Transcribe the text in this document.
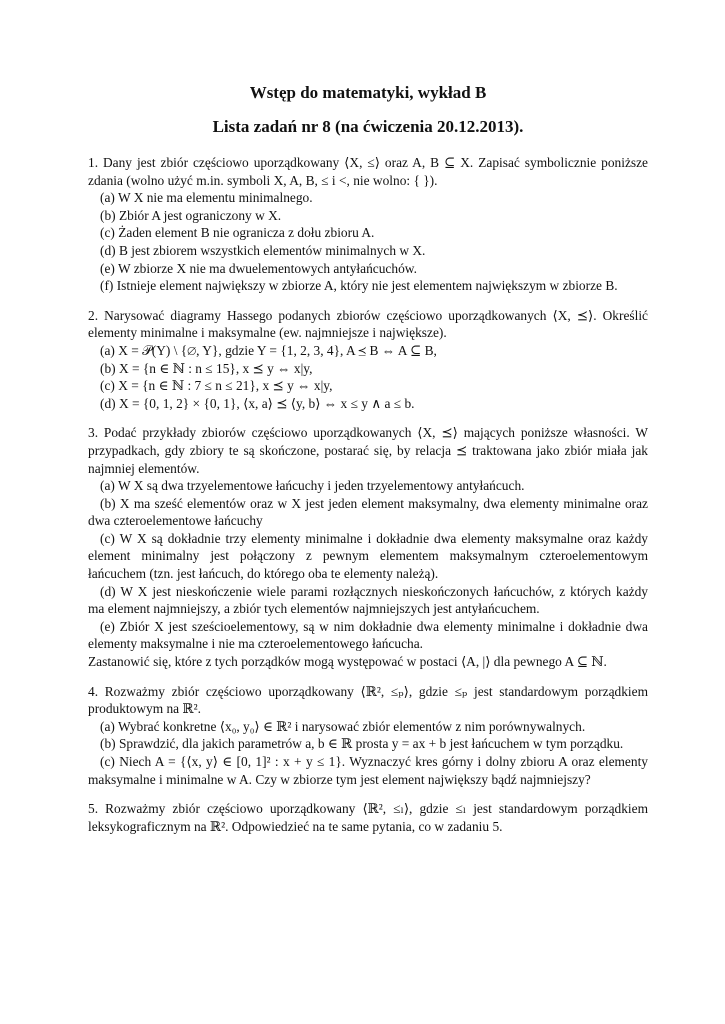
Wstęp do matematyki, wykład B
Lista zadań nr 8 (na ćwiczenia 20.12.2013).
1. Dany jest zbiór częściowo uporządkowany ⟨X, ≤⟩ oraz A, B ⊆ X. Zapisać symbolicznie poniższe zdania (wolno użyć m.in. symboli X, A, B, ≤ i <, nie wolno: { }).
(a) W X nie ma elementu minimalnego.
(b) Zbiór A jest ograniczony w X.
(c) Żaden element B nie ogranicza z dołu zbioru A.
(d) B jest zbiorem wszystkich elementów minimalnych w X.
(e) W zbiorze X nie ma dwuelementowych antyłańcuchów.
(f) Istnieje element największy w zbiorze A, który nie jest elementem największym w zbiorze B.
2. Narysować diagramy Hassego podanych zbiorów częściowo uporządkowanych ⟨X, ⪯⟩. Określić elementy minimalne i maksymalne (ew. najmniejsze i największe).
(a) X = 𝒫(Y) \ {∅, Y}, gdzie Y = {1, 2, 3, 4}, A ⪯ B ⇔ A ⊆ B,
(b) X = {n ∈ ℕ : n ≤ 15}, x ⪯ y ⇔ x|y,
(c) X = {n ∈ ℕ : 7 ≤ n ≤ 21}, x ⪯ y ⇔ x|y,
(d) X = {0, 1, 2} × {0, 1}, ⟨x, a⟩ ⪯ ⟨y, b⟩ ⇔ x ≤ y ∧ a ≤ b.
3. Podać przykłady zbiorów częściowo uporządkowanych ⟨X, ⪯⟩ mających poniższe własności. W przypadkach, gdy zbiory te są skończone, postarać się, by relacja ⪯ traktowana jako zbiór miała jak najmniej elementów.
(a) W X są dwa trzyelementowe łańcuchy i jeden trzyelementowy antyłańcuch.
(b) X ma sześć elementów oraz w X jest jeden element maksymalny, dwa elementy minimalne oraz dwa czteroelementowe łańcuchy
(c) W X są dokładnie trzy elementy minimalne i dokładnie dwa elementy maksymalne oraz każdy element minimalny jest połączony z pewnym elementem maksymalnym czteroelementowym łańcuchem (tzn. jest łańcuch, do którego oba te elementy należą).
(d) W X jest nieskończenie wiele parami rozłącznych nieskończonych łańcuchów, z których każdy ma element najmniejszy, a zbiór tych elementów najmniejszych jest antyłańcuchem.
(e) Zbiór X jest sześcioelementowy, są w nim dokładnie dwa elementy minimalne i dokładnie dwa elementy maksymalne i nie ma czteroelementowego łańcucha.
Zastanowić się, które z tych porządków mogą występować w postaci ⟨A, |⟩ dla pewnego A ⊆ ℕ.
4. Rozważmy zbiór częściowo uporządkowany ⟨ℝ², ≤ₚ⟩, gdzie ≤ₚ jest standardowym porządkiem produktowym na ℝ².
(a) Wybrać konkretne ⟨x₀, y₀⟩ ∈ ℝ² i narysować zbiór elementów z nim porównywalnych.
(b) Sprawdzić, dla jakich parametrów a, b ∈ ℝ prosta y = ax + b jest łańcuchem w tym porządku.
(c) Niech A = {⟨x, y⟩ ∈ [0, 1]² : x + y ≤ 1}. Wyznaczyć kres górny i dolny zbioru A oraz elementy maksymalne i minimalne w A. Czy w zbiorze tym jest element największy bądź najmniejszy?
5. Rozważmy zbiór częściowo uporządkowany ⟨ℝ², ≤ₗ⟩, gdzie ≤ₗ jest standardowym porządkiem leksykograficznym na ℝ². Odpowiedzieć na te same pytania, co w zadaniu 5.
